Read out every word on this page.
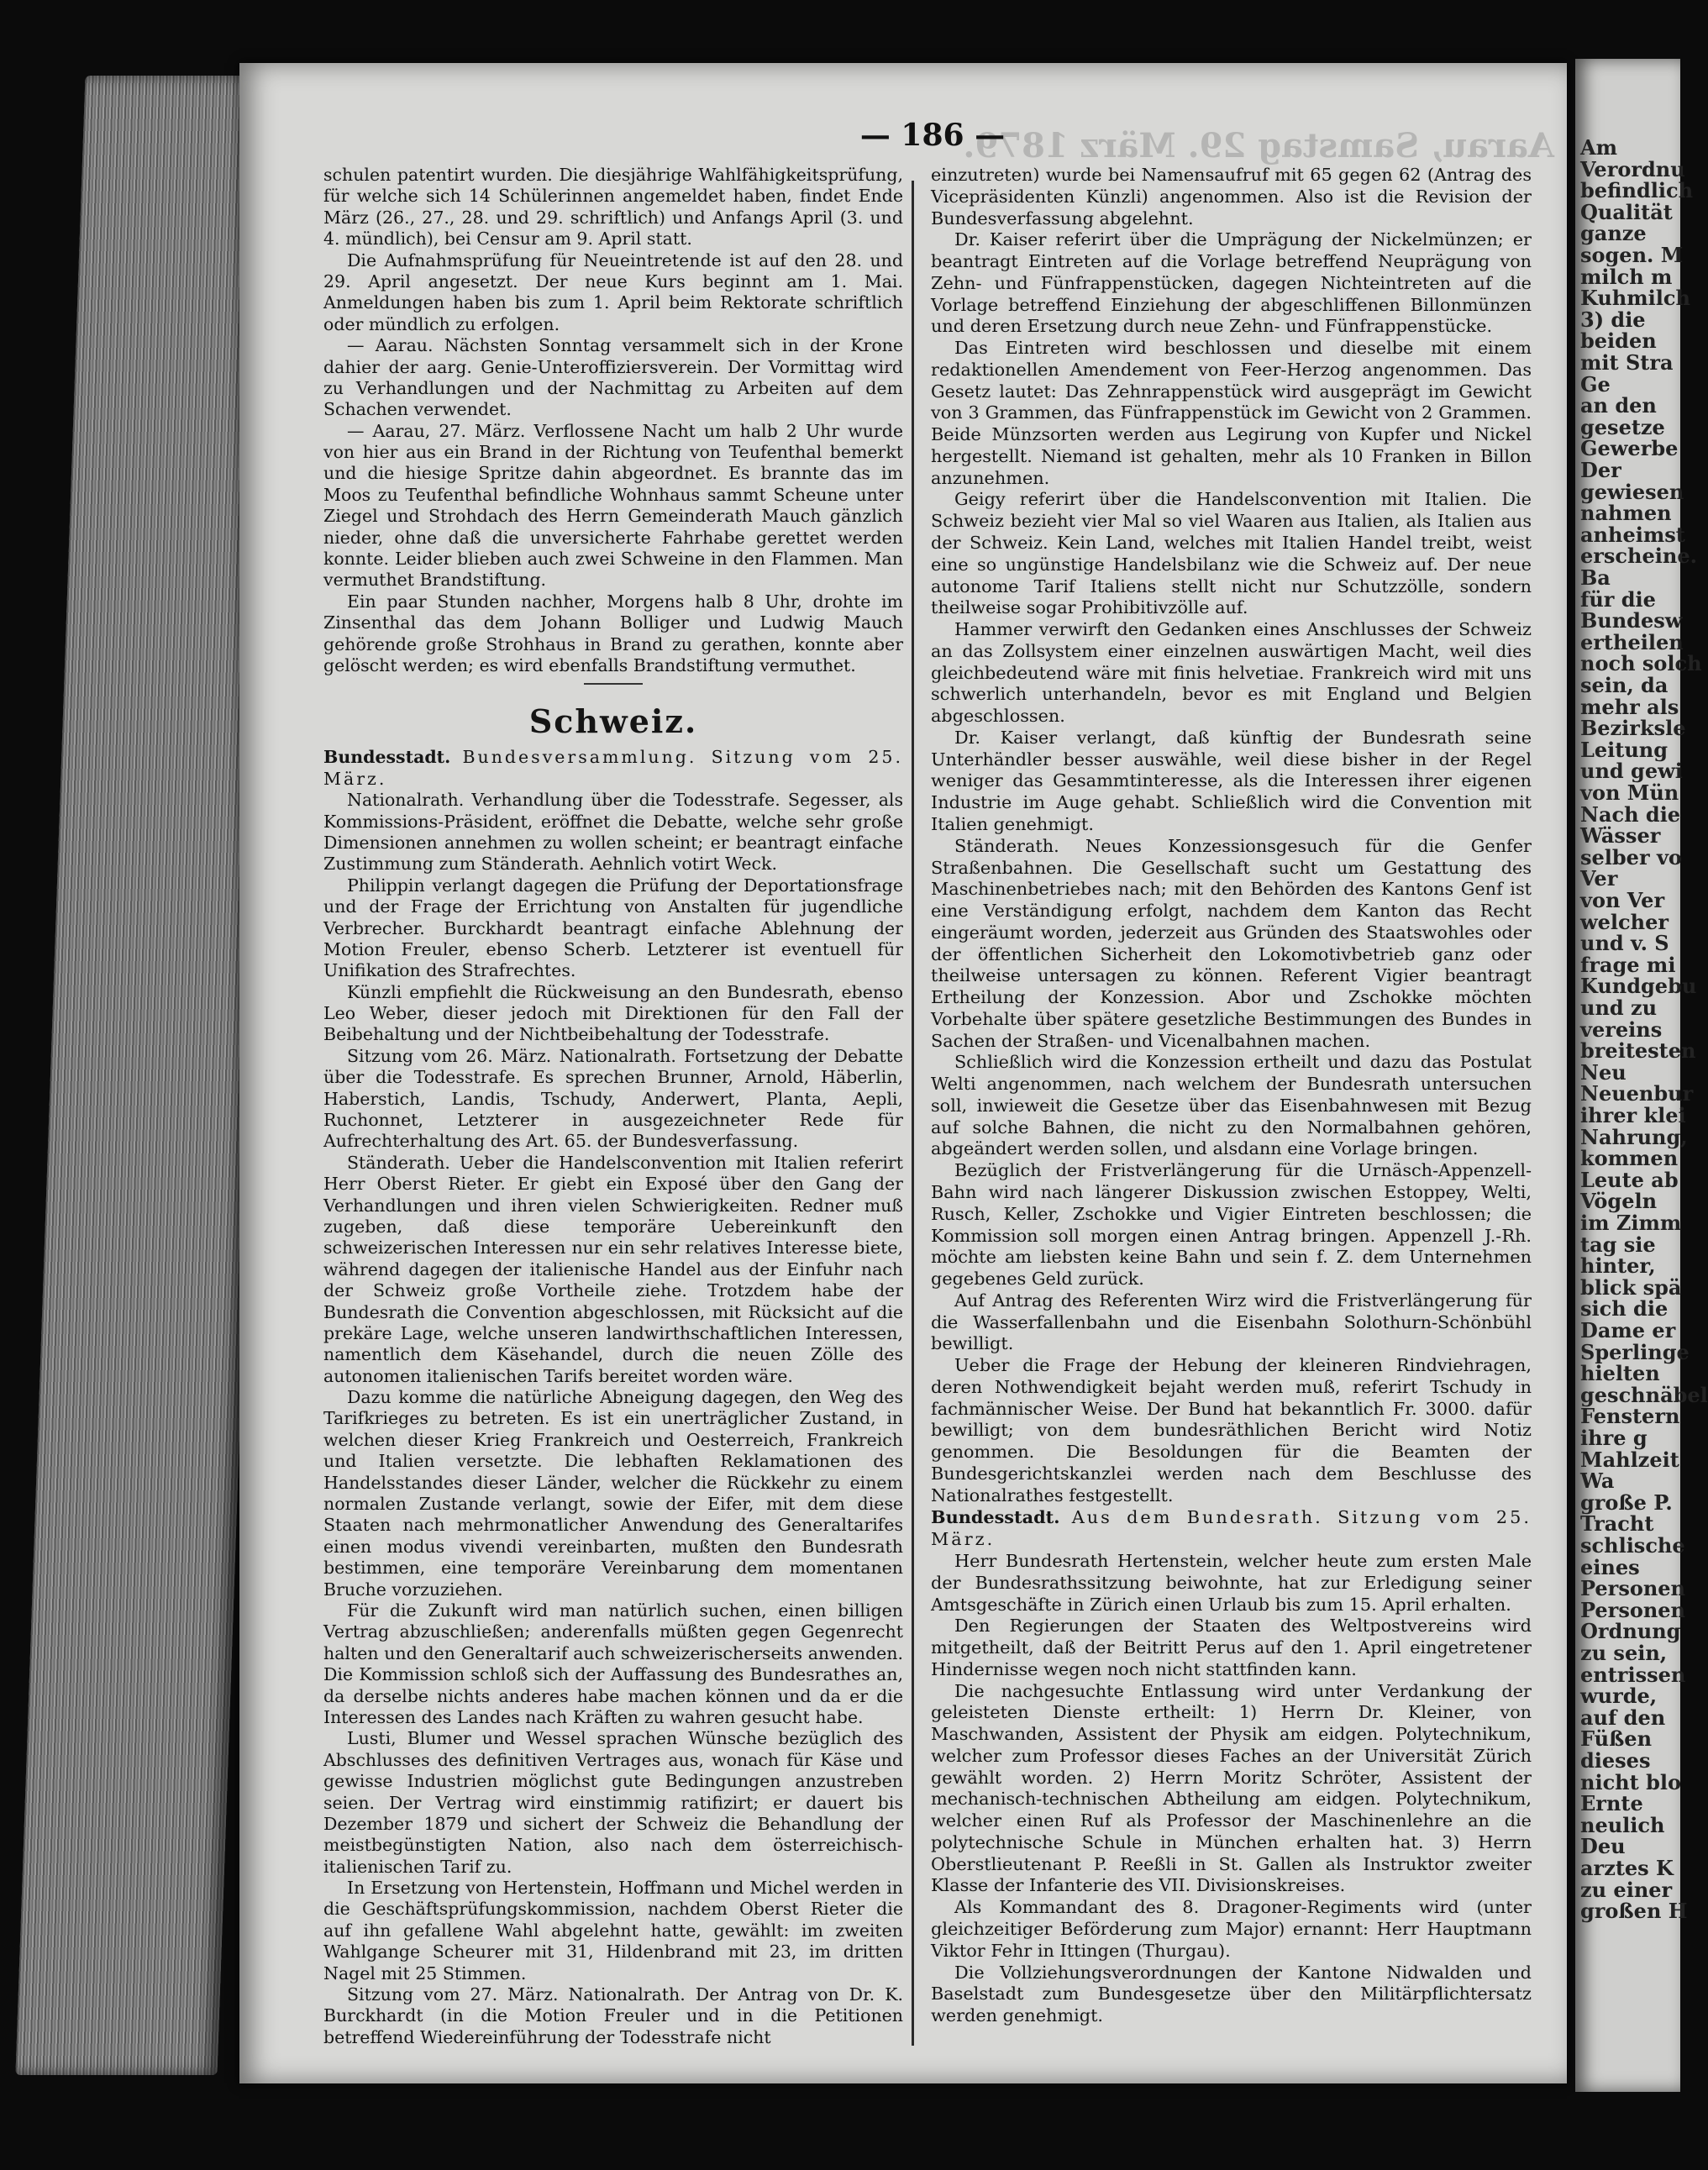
Am
Verordnu
befindlich
Qualität
ganze
sogen. M
milch m
Kuhmilch
3) die
beiden
mit Stra
Ge
an den
gesetze
Gewerbe
Der
gewiesen
nahmen
anheimst
erscheine.
Ba
für die
Bundesw
ertheilen
noch solch
sein, da
mehr als
Bezirksle
Leitung
und gewi
von Mün
Nach die
Wässer
selber vo
Ver
von Ver
welcher
und v. S
frage mi
Kundgebu
und zu
vereins
breitesten
Neu
Neuenbur
ihrer klei
Nahrung,
kommen
Leute ab
Vögeln
im Zimm
tag sie
hinter,
blick spä
sich die
Dame er
Sperlinge
hielten
geschnäbel
Fenstern
ihre g
Mahlzeit
Wa
große P.
Tracht
schlische
eines
Personen
Personen
Ordnung
zu sein,
entrissen
wurde,
auf den
Füßen
dieses
nicht blo
Ernte
neulich
Deu
arztes K
zu einer
großen H
Aarau, Samstag 29. März 1879.
— 186 —

schulen patentirt wurden. Die diesjährige Wahlfähigkeitsprüfung, für welche sich 14 Schülerinnen angemeldet haben, findet Ende März (26., 27., 28. und 29. schriftlich) und Anfangs April (3. und 4. mündlich), bei Censur am 9. April statt.

Die Aufnahmsprüfung für Neueintretende ist auf den 28. und 29. April angesetzt. Der neue Kurs beginnt am 1. Mai. Anmeldungen haben bis zum 1. April beim Rektorate schriftlich oder mündlich zu erfolgen.

— Aarau. Nächsten Sonntag versammelt sich in der Krone dahier der aarg. Genie-Unteroffiziersverein. Der Vormittag wird zu Verhandlungen und der Nachmittag zu Arbeiten auf dem Schachen verwendet.

— Aarau, 27. März. Verflossene Nacht um halb 2 Uhr wurde von hier aus ein Brand in der Richtung von Teufenthal bemerkt und die hiesige Spritze dahin abgeordnet. Es brannte das im Moos zu Teufenthal befindliche Wohnhaus sammt Scheune unter Ziegel und Strohdach des Herrn Gemeinderath Mauch gänzlich nieder, ohne daß die unversicherte Fahrhabe gerettet werden konnte. Leider blieben auch zwei Schweine in den Flammen. Man vermuthet Brandstiftung.

Ein paar Stunden nachher, Morgens halb 8 Uhr, drohte im Zinsenthal das dem Johann Bolliger und Ludwig Mauch gehörende große Strohhaus in Brand zu gerathen, konnte aber gelöscht werden; es wird ebenfalls Brandstiftung vermuthet.

Schweiz.

Bundesstadt. Bundesversammlung. Sitzung vom 25. März.

Nationalrath. Verhandlung über die Todesstrafe. Segesser, als Kommissions-Präsident, eröffnet die Debatte, welche sehr große Dimensionen annehmen zu wollen scheint; er beantragt einfache Zustimmung zum Ständerath. Aehnlich votirt Weck.

Philippin verlangt dagegen die Prüfung der Deportationsfrage und der Frage der Errichtung von Anstalten für jugendliche Verbrecher. Burckhardt beantragt einfache Ablehnung der Motion Freuler, ebenso Scherb. Letzterer ist eventuell für Unifikation des Strafrechtes.

Künzli empfiehlt die Rückweisung an den Bundesrath, ebenso Leo Weber, dieser jedoch mit Direktionen für den Fall der Beibehaltung und der Nichtbeibehaltung der Todesstrafe.

Sitzung vom 26. März. Nationalrath. Fortsetzung der Debatte über die Todesstrafe. Es sprechen Brunner, Arnold, Häberlin, Haberstich, Landis, Tschudy, Anderwert, Planta, Aepli, Ruchonnet, Letzterer in ausgezeichneter Rede für Aufrechterhaltung des Art. 65. der Bundesverfassung.

Ständerath. Ueber die Handelsconvention mit Italien referirt Herr Oberst Rieter. Er giebt ein Exposé über den Gang der Verhandlungen und ihren vielen Schwierigkeiten. Redner muß zugeben, daß diese temporäre Uebereinkunft den schweizerischen Interessen nur ein sehr relatives Interesse biete, während dagegen der italienische Handel aus der Einfuhr nach der Schweiz große Vortheile ziehe. Trotzdem habe der Bundesrath die Convention abgeschlossen, mit Rücksicht auf die prekäre Lage, welche unseren landwirthschaftlichen Interessen, namentlich dem Käsehandel, durch die neuen Zölle des autonomen italienischen Tarifs bereitet worden wäre.

Dazu komme die natürliche Abneigung dagegen, den Weg des Tarifkrieges zu betreten. Es ist ein unerträglicher Zustand, in welchen dieser Krieg Frankreich und Oesterreich, Frankreich und Italien versetzte. Die lebhaften Reklamationen des Handelsstandes dieser Länder, welcher die Rückkehr zu einem normalen Zustande verlangt, sowie der Eifer, mit dem diese Staaten nach mehrmonatlicher Anwendung des Generaltarifes einen modus vivendi vereinbarten, mußten den Bundesrath bestimmen, eine temporäre Vereinbarung dem momentanen Bruche vorzuziehen.

Für die Zukunft wird man natürlich suchen, einen billigen Vertrag abzuschließen; anderenfalls müßten gegen Gegenrecht halten und den Generaltarif auch schweizerischerseits anwenden. Die Kommission schloß sich der Auffassung des Bundesrathes an, da derselbe nichts anderes habe machen können und da er die Interessen des Landes nach Kräften zu wahren gesucht habe.

Lusti, Blumer und Wessel sprachen Wünsche bezüglich des Abschlusses des definitiven Vertrages aus, wonach für Käse und gewisse Industrien möglichst gute Bedingungen anzustreben seien. Der Vertrag wird einstimmig ratifizirt; er dauert bis Dezember 1879 und sichert der Schweiz die Behandlung der meistbegünstigten Nation, also nach dem österreichisch-italienischen Tarif zu.

In Ersetzung von Hertenstein, Hoffmann und Michel werden in die Geschäftsprüfungskommission, nachdem Oberst Rieter die auf ihn gefallene Wahl abgelehnt hatte, gewählt: im zweiten Wahlgange Scheurer mit 31, Hildenbrand mit 23, im dritten Nagel mit 25 Stimmen.

Sitzung vom 27. März. Nationalrath. Der Antrag von Dr. K. Burckhardt (in die Motion Freuler und in die Petitionen betreffend Wiedereinführung der Todesstrafe nicht

einzutreten) wurde bei Namensaufruf mit 65 gegen 62 (Antrag des Vicepräsidenten Künzli) angenommen. Also ist die Revision der Bundesverfassung abgelehnt.

Dr. Kaiser referirt über die Umprägung der Nickelmünzen; er beantragt Eintreten auf die Vorlage betreffend Neuprägung von Zehn- und Fünfrappenstücken, dagegen Nichteintreten auf die Vorlage betreffend Einziehung der abgeschliffenen Billonmünzen und deren Ersetzung durch neue Zehn- und Fünfrappenstücke.

Das Eintreten wird beschlossen und dieselbe mit einem redaktionellen Amendement von Feer-Herzog angenommen. Das Gesetz lautet: Das Zehnrappenstück wird ausgeprägt im Gewicht von 3 Grammen, das Fünfrappenstück im Gewicht von 2 Grammen. Beide Münzsorten werden aus Legirung von Kupfer und Nickel hergestellt. Niemand ist gehalten, mehr als 10 Franken in Billon anzunehmen.

Geigy referirt über die Handelsconvention mit Italien. Die Schweiz bezieht vier Mal so viel Waaren aus Italien, als Italien aus der Schweiz. Kein Land, welches mit Italien Handel treibt, weist eine so ungünstige Handelsbilanz wie die Schweiz auf. Der neue autonome Tarif Italiens stellt nicht nur Schutzzölle, sondern theilweise sogar Prohibitivzölle auf.

Hammer verwirft den Gedanken eines Anschlusses der Schweiz an das Zollsystem einer einzelnen auswärtigen Macht, weil dies gleichbedeutend wäre mit finis helvetiae. Frankreich wird mit uns schwerlich unterhandeln, bevor es mit England und Belgien abgeschlossen.

Dr. Kaiser verlangt, daß künftig der Bundesrath seine Unterhändler besser auswähle, weil diese bisher in der Regel weniger das Gesammtinteresse, als die Interessen ihrer eigenen Industrie im Auge gehabt. Schließlich wird die Convention mit Italien genehmigt.

Ständerath. Neues Konzessionsgesuch für die Genfer Straßenbahnen. Die Gesellschaft sucht um Gestattung des Maschinenbetriebes nach; mit den Behörden des Kantons Genf ist eine Verständigung erfolgt, nachdem dem Kanton das Recht eingeräumt worden, jederzeit aus Gründen des Staatswohles oder der öffentlichen Sicherheit den Lokomotivbetrieb ganz oder theilweise untersagen zu können. Referent Vigier beantragt Ertheilung der Konzession. Abor und Zschokke möchten Vorbehalte über spätere gesetzliche Bestimmungen des Bundes in Sachen der Straßen- und Vicenalbahnen machen.

Schließlich wird die Konzession ertheilt und dazu das Postulat Welti angenommen, nach welchem der Bundesrath untersuchen soll, inwieweit die Gesetze über das Eisenbahnwesen mit Bezug auf solche Bahnen, die nicht zu den Normalbahnen gehören, abgeändert werden sollen, und alsdann eine Vorlage bringen.

Bezüglich der Fristverlängerung für die Urnäsch-Appenzell-Bahn wird nach längerer Diskussion zwischen Estoppey, Welti, Rusch, Keller, Zschokke und Vigier Eintreten beschlossen; die Kommission soll morgen einen Antrag bringen. Appenzell J.-Rh. möchte am liebsten keine Bahn und sein f. Z. dem Unternehmen gegebenes Geld zurück.

Auf Antrag des Referenten Wirz wird die Fristverlängerung für die Wasserfallenbahn und die Eisenbahn Solothurn-Schönbühl bewilligt.

Ueber die Frage der Hebung der kleineren Rindviehragen, deren Nothwendigkeit bejaht werden muß, referirt Tschudy in fachmännischer Weise. Der Bund hat bekanntlich Fr. 3000. dafür bewilligt; von dem bundesräthlichen Bericht wird Notiz genommen. Die Besoldungen für die Beamten der Bundesgerichtskanzlei werden nach dem Beschlusse des Nationalrathes festgestellt.

Bundesstadt. Aus dem Bundesrath. Sitzung vom 25. März.

Herr Bundesrath Hertenstein, welcher heute zum ersten Male der Bundesrathssitzung beiwohnte, hat zur Erledigung seiner Amtsgeschäfte in Zürich einen Urlaub bis zum 15. April erhalten.

Den Regierungen der Staaten des Weltpostvereins wird mitgetheilt, daß der Beitritt Perus auf den 1. April eingetretener Hindernisse wegen noch nicht stattfinden kann.

Die nachgesuchte Entlassung wird unter Verdankung der geleisteten Dienste ertheilt: 1) Herrn Dr. Kleiner, von Maschwanden, Assistent der Physik am eidgen. Polytechnikum, welcher zum Professor dieses Faches an der Universität Zürich gewählt worden. 2) Herrn Moritz Schröter, Assistent der mechanisch-technischen Abtheilung am eidgen. Polytechnikum, welcher einen Ruf als Professor der Maschinenlehre an die polytechnische Schule in München erhalten hat. 3) Herrn Oberstlieutenant P. Reeßli in St. Gallen als Instruktor zweiter Klasse der Infanterie des VII. Divisionskreises.

Als Kommandant des 8. Dragoner-Regiments wird (unter gleichzeitiger Beförderung zum Major) ernannt: Herr Hauptmann Viktor Fehr in Ittingen (Thurgau).

Die Vollziehungsverordnungen der Kantone Nidwalden und Baselstadt zum Bundesgesetze über den Militärpflichtersatz werden genehmigt.
